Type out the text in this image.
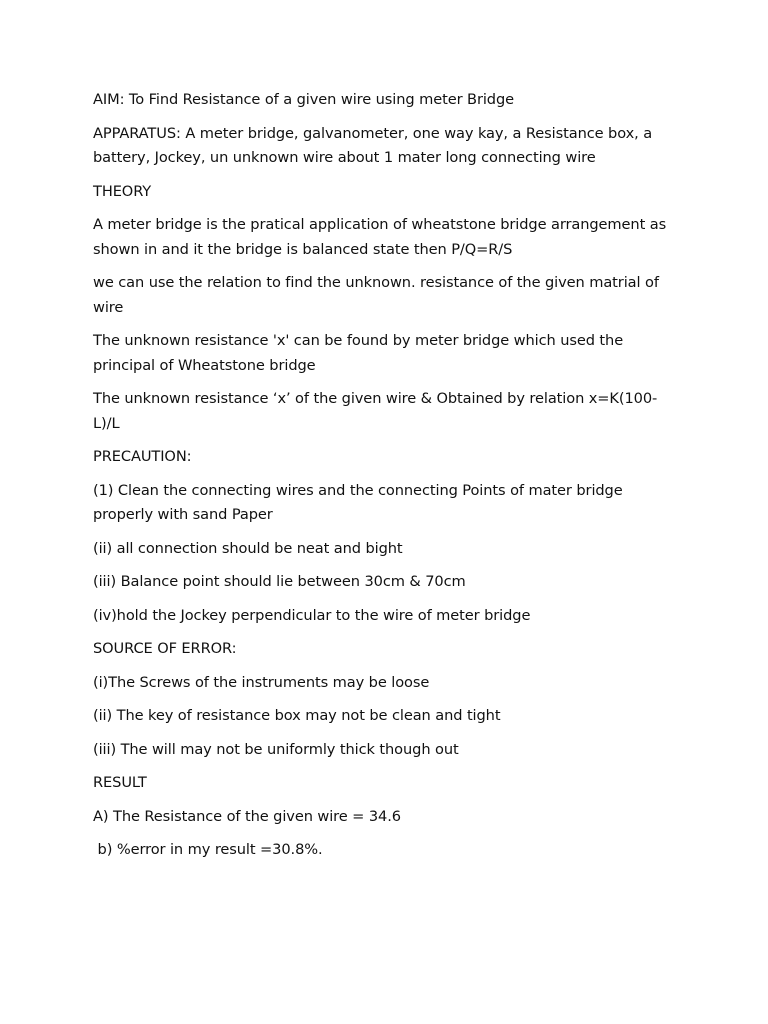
AIM: To Find Resistance of a given wire using meter Bridge

APPARATUS: A meter bridge, galvanometer, one way kay, a Resistance box, a battery, Jockey, un unknown wire about 1 mater long connecting wire

THEORY

A meter bridge is the pratical application of wheatstone bridge arrangement as shown in and it the bridge is balanced state then P/Q=R/S

we can use the relation to find the unknown. resistance of the given matrial of wire

The unknown resistance 'x' can be found by meter bridge which used the principal of Wheatstone bridge

The unknown resistance ‘x’ of the given wire & Obtained by relation x=K(100-L)/L

PRECAUTION:

(1) Clean the connecting wires and the connecting Points of mater bridge properly with sand Paper

(ii) all connection should be neat and bight

(iii) Balance point should lie between 30cm & 70cm

(iv)hold the Jockey perpendicular to the wire of meter bridge

SOURCE OF ERROR:

(i)The Screws of the instruments may be loose

(ii) The key of resistance box may not be clean and tight

(iii) The will may not be uniformly thick though out

RESULT

A) The Resistance of the given wire = 34.6

b) %error in my result =30.8%.
